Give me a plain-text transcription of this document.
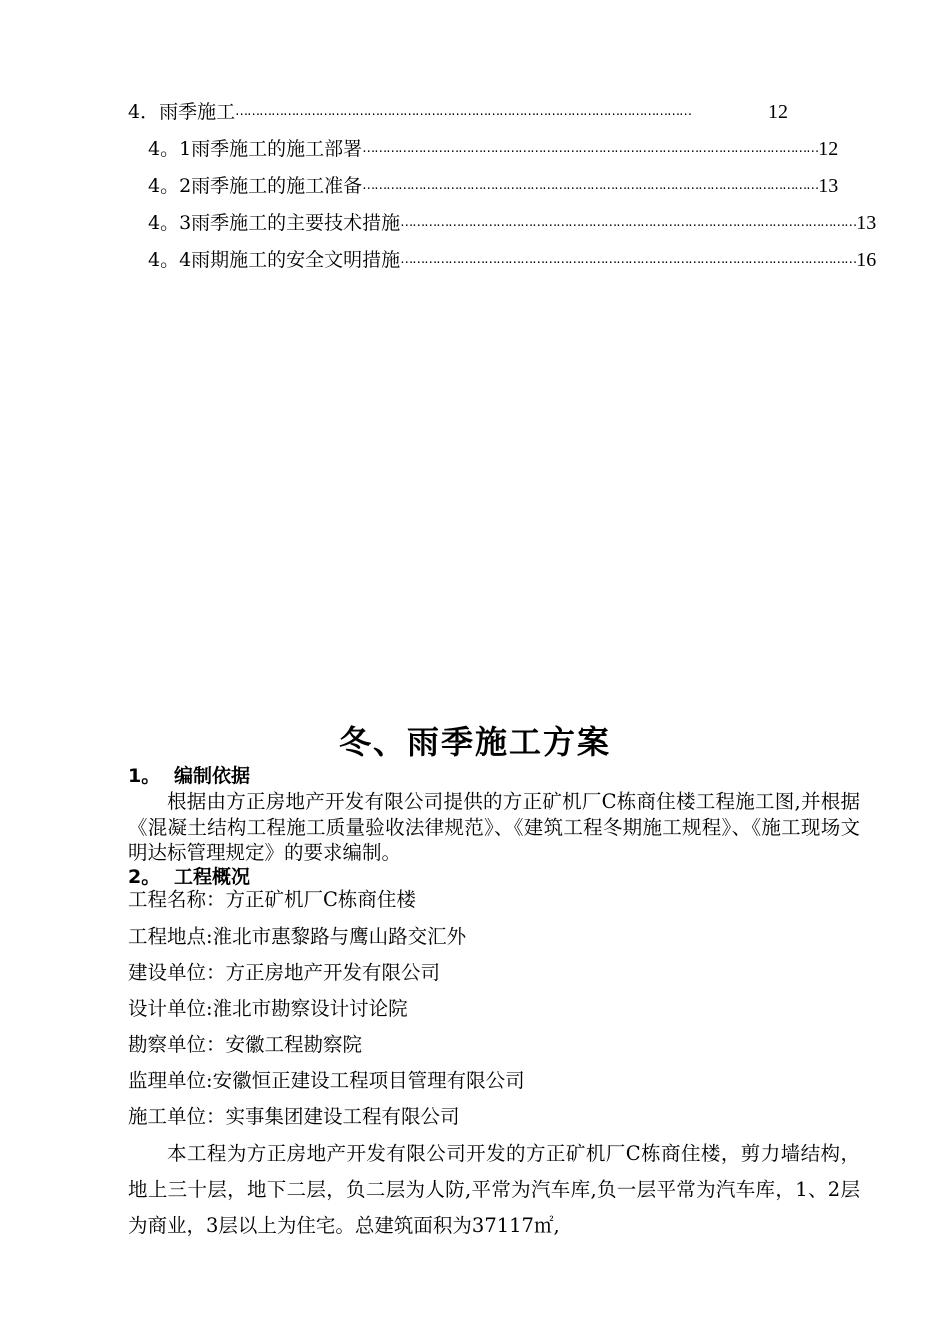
4．雨季施工 ……………………………………………………………………………………………………	12
4。1雨季施工的施工部署 …………………………………………………………………………………………………… 12
4。2雨季施工的施工准备 …………………………………………………………………………………………………… 13
4。3雨季施工的主要技术措施 …………………………………………………………………………………………………… 13
4。4雨期施工的安全文明措施 …………………………………………………………………………………………………… 16
冬、雨季施工方案
1。 编制依据
根据由方正房地产开发有限公司提供的方正矿机厂C栋商住楼工程施工图,并根据《混凝土结构工程施工质量验收法律规范》、《建筑工程冬期施工规程》、《施工现场文明达标管理规定》的要求编制。
2。 工程概况
工程名称：方正矿机厂C栋商住楼
工程地点:淮北市惠黎路与鹰山路交汇外
建设单位：方正房地产开发有限公司
设计单位:淮北市勘察设计讨论院
勘察单位：安徽工程勘察院
监理单位:安徽恒正建设工程项目管理有限公司
施工单位：实事集团建设工程有限公司
本工程为方正房地产开发有限公司开发的方正矿机厂C栋商住楼，剪力墙结构，地上三十层，地下二层，负二层为人防,平常为汽车库,负一层平常为汽车库，1、2层为商业，3层以上为住宅。总建筑面积为37117㎡,
